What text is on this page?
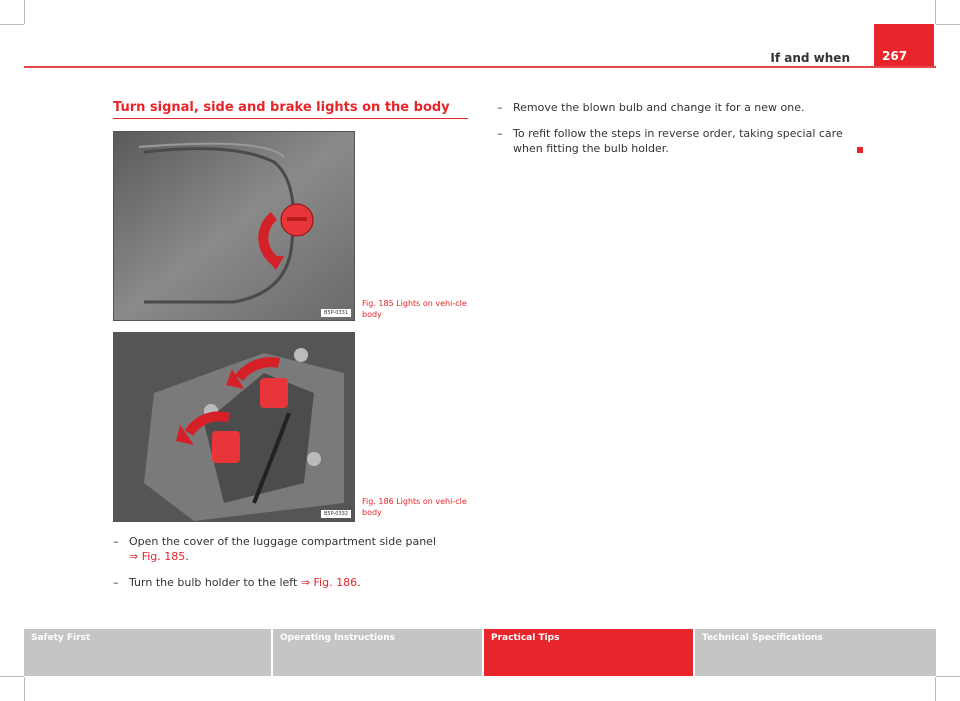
If and when	267
Turn signal, side and brake lights on the body
B5P-0331
Fig. 185 Lights on vehi-cle body
B5P-0332
Fig. 186 Lights on vehi-cle body
– Open the cover of the luggage compartment side panel
⇒ Fig. 185.
– Turn the bulb holder to the left ⇒ Fig. 186.
– Remove the blown bulb and change it for a new one.
– To refit follow the steps in reverse order, taking special care
when fitting the bulb holder.
Safety First	Operating Instructions	Practical Tips	Technical Specifications
